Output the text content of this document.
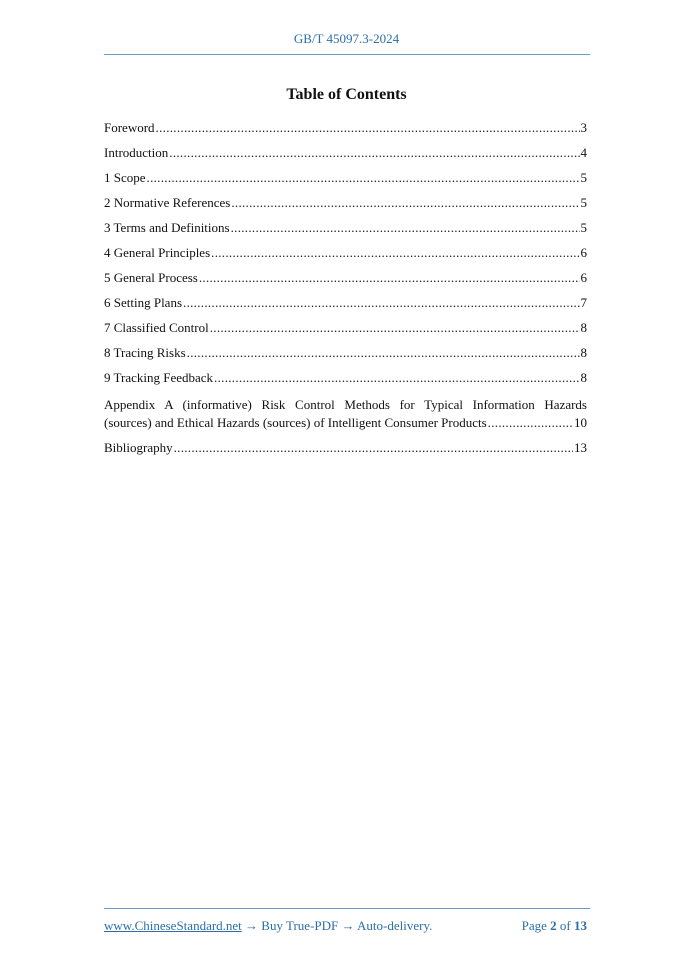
GB/T 45097.3-2024
Table of Contents
Foreword .....	3
Introduction .....	4
1 Scope .....	5
2 Normative References .....	5
3 Terms and Definitions .....	5
4 General Principles .....	6
5 General Process .....	6
6 Setting Plans .....	7
7 Classified Control .....	8
8 Tracing Risks .....	8
9 Tracking Feedback .....	8
Appendix A (informative) Risk Control Methods for Typical Information Hazards
(sources) and Ethical Hazards (sources) of Intelligent Consumer Products .....	10
Bibliography .....	13
www.ChineseStandard.net → Buy True-PDF → Auto-delivery.	Page 2 of 13
